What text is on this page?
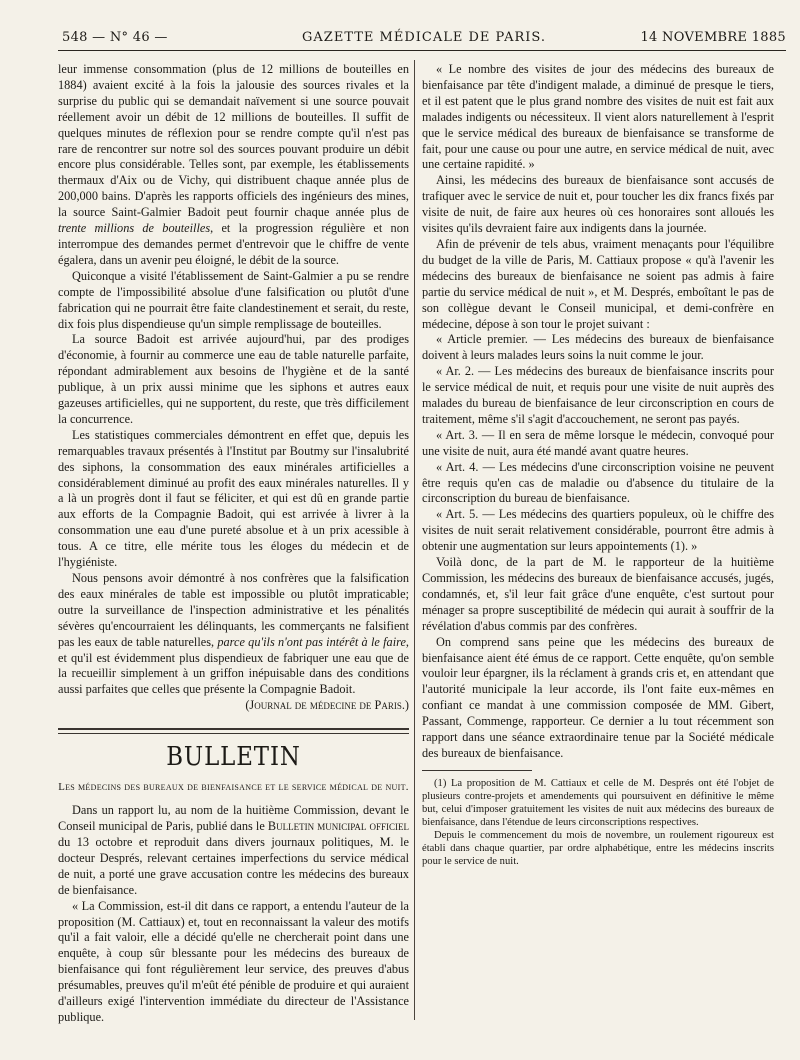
548 — N° 46 —	GAZETTE MÉDICALE DE PARIS.	14 NOVEMBRE 1885

leur immense consommation (plus de 12 millions de bouteilles en 1884) avaient excité à la fois la jalousie des sources rivales et la surprise du public qui se demandait naïvement si une source pouvait réellement avoir un débit de 12 millions de bouteilles. Il suffit de quelques minutes de réflexion pour se rendre compte qu'il n'est pas rare de rencontrer sur notre sol des sources pouvant produire un débit encore plus considérable. Telles sont, par exemple, les établissements thermaux d'Aix ou de Vichy, qui distribuent chaque année plus de 200,000 bains. D'après les rapports officiels des ingénieurs des mines, la source Saint-Galmier Badoit peut fournir chaque année plus de trente millions de bouteilles, et la progression régulière et non interrompue des demandes permet d'entrevoir que le chiffre de vente égalera, dans un avenir peu éloigné, le débit de la source.

Quiconque a visité l'établissement de Saint-Galmier a pu se rendre compte de l'impossibilité absolue d'une falsification ou plutôt d'une fabrication qui ne pourrait être faite clandestinement et serait, du reste, dix fois plus dispendieuse qu'un simple remplissage de bouteilles.

La source Badoit est arrivée aujourd'hui, par des prodiges d'économie, à fournir au commerce une eau de table naturelle parfaite, répondant admirablement aux besoins de l'hygiène et de la santé publique, à un prix aussi minime que les siphons et autres eaux gazeuses artificielles, qui ne supportent, du reste, que très difficilement la concurrence.

Les statistiques commerciales démontrent en effet que, depuis les remarquables travaux présentés à l'Institut par Boutmy sur l'insalubrité des siphons, la consommation des eaux minérales artificielles a considérablement diminué au profit des eaux minérales naturelles. Il y a là un progrès dont il faut se féliciter, et qui est dû en grande partie aux efforts de la Compagnie Badoit, qui est arrivée à livrer à la consommation une eau d'une pureté absolue et à un prix acessible à tous. A ce titre, elle mérite tous les éloges du médecin et de l'hygiéniste.

Nous pensons avoir démontré à nos confrères que la falsification des eaux minérales de table est impossible ou plutôt impraticable; outre la surveillance de l'inspection administrative et les pénalités sévères qu'encourraient les délinquants, les commerçants ne falsifient pas les eaux de table naturelles, parce qu'ils n'ont pas intérêt à le faire, et qu'il est évidemment plus dispendieux de fabriquer une eau que de la recueillir simplement à un griffon inépuisable dans des conditions aussi parfaites que celles que présente la Compagnie Badoit.

(Journal de médecine de Paris.)
BULLETIN
Les médecins des bureaux de bienfaisance et le service médical de nuit.

Dans un rapport lu, au nom de la huitième Commission, devant le Conseil municipal de Paris, publié dans le Bulletin municipal officiel du 13 octobre et reproduit dans divers journaux politiques, M. le docteur Després, relevant certaines imperfections du service médical de nuit, a porté une grave accusation contre les médecins des bureaux de bienfaisance.

« La Commission, est-il dit dans ce rapport, a entendu l'auteur de la proposition (M. Cattiaux) et, tout en reconnaissant la valeur des motifs qu'il a fait valoir, elle a décidé qu'elle ne chercherait point dans une enquête, à coup sûr blessante pour les médecins des bureaux de bienfaisance qui font régulièrement leur service, des preuves d'abus présumables, preuves qu'il m'eût été pénible de produire et qui auraient d'ailleurs exigé l'intervention immédiate du directeur de l'Assistance publique.

« Le nombre des visites de jour des médecins des bureaux de bienfaisance par tête d'indigent malade, a diminué de presque le tiers, et il est patent que le plus grand nombre des visites de nuit est fait aux malades indigents ou nécessiteux. Il vient alors naturellement à l'esprit que le service médical des bureaux de bienfaisance se transforme de fait, pour une cause ou pour une autre, en service médical de nuit, avec une certaine rapidité. »

Ainsi, les médecins des bureaux de bienfaisance sont accusés de trafiquer avec le service de nuit et, pour toucher les dix francs fixés par visite de nuit, de faire aux heures où ces honoraires sont alloués les visites qu'ils devraient faire aux indigents dans la journée.

Afin de prévenir de tels abus, vraiment menaçants pour l'équilibre du budget de la ville de Paris, M. Cattiaux propose « qu'à l'avenir les médecins des bureaux de bienfaisance ne soient pas admis à faire partie du service médical de nuit », et M. Després, emboîtant le pas de son collègue devant le Conseil municipal, et demi-confrère en médecine, dépose à son tour le projet suivant :

« Article premier. — Les médecins des bureaux de bienfaisance doivent à leurs malades leurs soins la nuit comme le jour.

« Ar. 2. — Les médecins des bureaux de bienfaisance inscrits pour le service médical de nuit, et requis pour une visite de nuit auprès des malades du bureau de bienfaisance de leur circonscription en cours de traitement, même s'il s'agit d'accouchement, ne seront pas payés.

« Art. 3. — Il en sera de même lorsque le médecin, convoqué pour une visite de nuit, aura été mandé avant quatre heures.

« Art. 4. — Les médecins d'une circonscription voisine ne peuvent être requis qu'en cas de maladie ou d'absence du titulaire de la circonscription du bureau de bienfaisance.

« Art. 5. — Les médecins des quartiers populeux, où le chiffre des visites de nuit serait relativement considérable, pourront être admis à obtenir une augmentation sur leurs appointements (1). »

Voilà donc, de la part de M. le rapporteur de la huitième Commission, les médecins des bureaux de bienfaisance accusés, jugés, condamnés, et, s'il leur fait grâce d'une enquête, c'est surtout pour ménager sa propre susceptibilité de médecin qui aurait à souffrir de la révélation d'abus commis par des confrères.

On comprend sans peine que les médecins des bureaux de bienfaisance aient été émus de ce rapport. Cette enquête, qu'on semble vouloir leur épargner, ils la réclament à grands cris et, en attendant que l'autorité municipale la leur accorde, ils l'ont faite eux-mêmes en confiant ce mandat à une commission composée de MM. Gibert, Passant, Commenge, rapporteur. Ce dernier a lu tout récemment son rapport dans une séance extraordinaire tenue par la Société médicale des bureaux de bienfaisance.

(1) La proposition de M. Cattiaux et celle de M. Després ont été l'objet de plusieurs contre-projets et amendements qui poursuivent en définitive le même but, celui d'imposer gratuitement les visites de nuit aux médecins des bureaux de bienfaisance, dans l'étendue de leurs circonscriptions respectives.

Depuis le commencement du mois de novembre, un roulement rigoureux est établi dans chaque quartier, par ordre alphabétique, entre les médecins inscrits pour le service de nuit.
